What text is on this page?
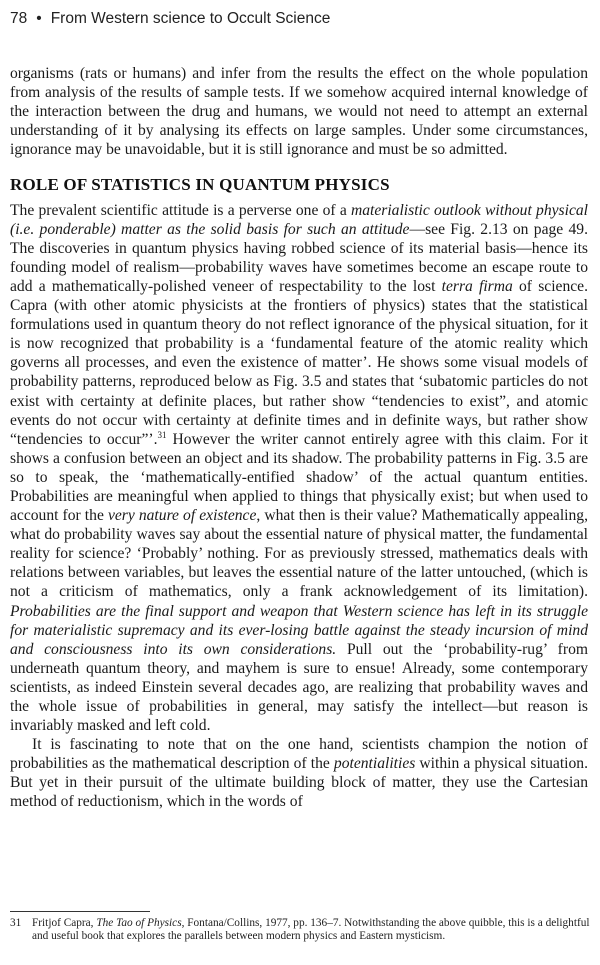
78 • From Western science to Occult Science

organisms (rats or humans) and infer from the results the effect on the whole population from analysis of the results of sample tests. If we somehow acquired internal knowledge of the interaction between the drug and humans, we would not need to attempt an external understanding of it by analysing its effects on large samples. Under some circumstances, ignorance may be unavoidable, but it is still ignorance and must be so admitted.

ROLE OF STATISTICS IN QUANTUM PHYSICS

The prevalent scientific attitude is a perverse one of a materialistic outlook without physical (i.e. ponderable) matter as the solid basis for such an attitude—see Fig. 2.13 on page 49. The discoveries in quantum physics having robbed science of its material basis—hence its founding model of realism—probability waves have sometimes become an escape route to add a mathematically-polished veneer of respectability to the lost terra firma of science. Capra (with other atomic physicists at the frontiers of physics) states that the statistical formulations used in quantum theory do not reflect ignorance of the physical situation, for it is now recognized that probability is a ‘fundamental feature of the atomic reality which governs all processes, and even the existence of matter’. He shows some visual models of probability patterns, reproduced below as Fig. 3.5 and states that ‘subatomic particles do not exist with certainty at definite places, but rather show “tendencies to exist”, and atomic events do not occur with certainty at definite times and in definite ways, but rather show “tendencies to occur”’.$^{31}$ However the writer cannot entirely agree with this claim. For it shows a confusion between an object and its shadow. The probability patterns in Fig. 3.5 are so to speak, the ‘mathematically-entified shadow’ of the actual quantum entities. Probabilities are meaningful when applied to things that physically exist; but when used to account for the very nature of existence, what then is their value? Mathematically appealing, what do probability waves say about the essential nature of physical matter, the fundamental reality for science? ‘Probably’ nothing. For as previously stressed, mathematics deals with relations between variables, but leaves the essential nature of the latter untouched, (which is not a criticism of mathematics, only a frank acknowledgement of its limitation). Probabilities are the final support and weapon that Western science has left in its struggle for materialistic supremacy and its ever-losing battle against the steady incursion of mind and consciousness into its own considerations. Pull out the ‘probability-rug’ from underneath quantum theory, and mayhem is sure to ensue! Already, some contemporary scientists, as indeed Einstein several decades ago, are realizing that probability waves and the whole issue of probabilities in general, may satisfy the intellect—but reason is invariably masked and left cold.

It is fascinating to note that on the one hand, scientists champion the notion of probabilities as the mathematical description of the potentialities within a physical situation. But yet in their pursuit of the ultimate building block of matter, they use the Cartesian method of reductionism, which in the words of

31 Fritjof Capra, The Tao of Physics, Fontana/Collins, 1977, pp. 136–7. Notwithstanding the above quibble, this is a delightful and useful book that explores the parallels between modern physics and Eastern mysticism.
